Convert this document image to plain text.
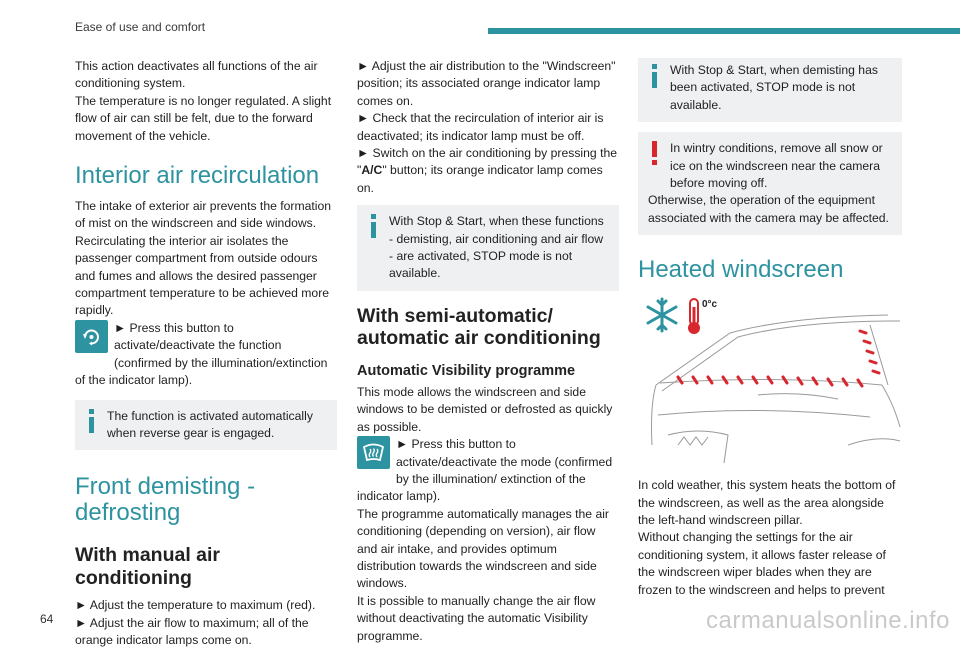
Ease of use and comfort

This action deactivates all functions of the air conditioning system.

The temperature is no longer regulated. A slight flow of air can still be felt, due to the forward movement of the vehicle.

Interior air recirculation

The intake of exterior air prevents the formation of mist on the windscreen and side windows. Recirculating the interior air isolates the passenger compartment from outside odours and fumes and allows the desired passenger compartment temperature to be achieved more rapidly.

► Press this button to activate/deactivate the function (confirmed by the illumination/extinction of the indicator lamp).

The function is activated automatically when reverse gear is engaged.

Front demisting - defrosting
With manual air conditioning

► Adjust the temperature to maximum (red).

► Adjust the air flow to maximum; all of the orange indicator lamps come on.

► Adjust the air distribution to the "Windscreen" position; its associated orange indicator lamp comes on.

► Check that the recirculation of interior air is deactivated; its indicator lamp must be off.

► Switch on the air conditioning by pressing the "A/C" button; its orange indicator lamp comes on.

With Stop & Start, when these functions - demisting, air conditioning and air flow - are activated, STOP mode is not available.

With semi-automatic/ automatic air conditioning
Automatic Visibility programme

This mode allows the windscreen and side windows to be demisted or defrosted as quickly as possible.

► Press this button to activate/deactivate the mode (confirmed by the illumination/ extinction of the indicator lamp).

The programme automatically manages the air conditioning (depending on version), air flow and air intake, and provides optimum distribution towards the windscreen and side windows.

It is possible to manually change the air flow without deactivating the automatic Visibility programme.

With Stop & Start, when demisting has been activated, STOP mode is not available.

In wintry conditions, remove all snow or ice on the windscreen near the camera before moving off.

Otherwise, the operation of the equipment associated with the camera may be affected.

Heated windscreen
0°c

In cold weather, this system heats the bottom of the windscreen, as well as the area alongside the left-hand windscreen pillar.

Without changing the settings for the air conditioning system, it allows faster release of the windscreen wiper blades when they are frozen to the windscreen and helps to prevent

64	carmanualsonline.info
